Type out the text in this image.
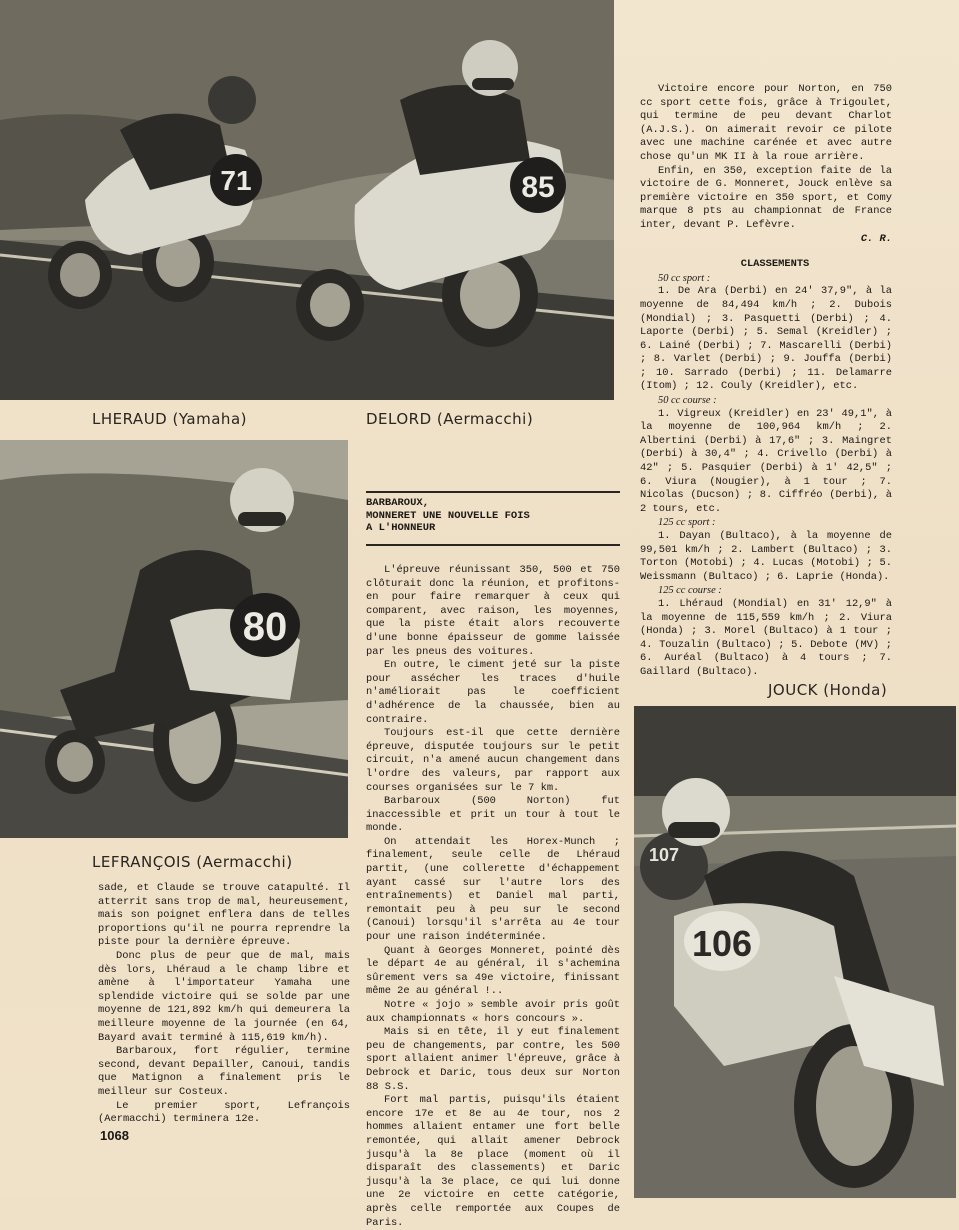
71	85
LHERAUD (Yamaha)	DELORD (Aermacchi)
80
LEFRANÇOIS (Aermacchi)
JOUCK (Honda)
107
106

Victoire encore pour Norton, en 750 cc sport cette fois, grâce à Trigoulet, qui termine de peu devant Charlot (A.J.S.). On aimerait revoir ce pilote avec une machine carénée et avec autre chose qu'un MK II à la roue arrière.

Enfin, en 350, exception faite de la victoire de G. Monneret, Jouck enlève sa première victoire en 350 sport, et Comy marque 8 pts au championnat de France inter, devant P. Lefèvre.

C. R.

CLASSEMENTS

50 cc sport :

1. De Ara (Derbi) en 24' 37,9", à la moyenne de 84,494 km/h ; 2. Dubois (Mondial) ; 3. Pasquetti (Derbi) ; 4. Laporte (Derbi) ; 5. Semal (Kreidler) ; 6. Lainé (Derbi) ; 7. Mascarelli (Derbi) ; 8. Varlet (Derbi) ; 9. Jouffa (Derbi) ; 10. Sarrado (Derbi) ; 11. Delamarre (Itom) ; 12. Couly (Kreidler), etc.

50 cc course :

1. Vigreux (Kreidler) en 23' 49,1", à la moyenne de 100,964 km/h ; 2. Albertini (Derbi) à 17,6" ; 3. Maingret (Derbi) à 30,4" ; 4. Crivello (Derbi) à 42" ; 5. Pasquier (Derbi) à 1' 42,5" ; 6. Viura (Nougier), à 1 tour ; 7. Nicolas (Ducson) ; 8. Ciffréo (Derbi), à 2 tours, etc.

125 cc sport :

1. Dayan (Bultaco), à la moyenne de 99,501 km/h ; 2. Lambert (Bultaco) ; 3. Torton (Motobi) ; 4. Lucas (Motobi) ; 5. Weissmann (Bultaco) ; 6. Laprie (Honda).

125 cc course :

1. Lhéraud (Mondial) en 31' 12,9" à la moyenne de 115,559 km/h ; 2. Viura (Honda) ; 3. Morel (Bultaco) à 1 tour ; 4. Touzalin (Bultaco) ; 5. Debote (MV) ; 6. Auréal (Bultaco) à 4 tours ; 7. Gaillard (Bultaco).

BARBAROUX,
MONNERET UNE NOUVELLE FOIS
A L'HONNEUR

L'épreuve réunissant 350, 500 et 750 clôturait donc la réunion, et profitons-en pour faire remarquer à ceux qui comparent, avec raison, les moyennes, que la piste était alors recouverte d'une bonne épaisseur de gomme laissée par les pneus des voitures.

En outre, le ciment jeté sur la piste pour assécher les traces d'huile n'améliorait pas le coefficient d'adhérence de la chaussée, bien au contraire.

Toujours est-il que cette dernière épreuve, disputée toujours sur le petit circuit, n'a amené aucun changement dans l'ordre des valeurs, par rapport aux courses organisées sur le 7 km.

Barbaroux (500 Norton) fut inaccessible et prit un tour à tout le monde.

On attendait les Horex-Munch ; finalement, seule celle de Lhéraud partit, (une collerette d'échappement ayant cassé sur l'autre lors des entraînements) et Daniel mal parti, remontait peu à peu sur le second (Canoui) lorsqu'il s'arrêta au 4e tour pour une raison indéterminée.

Quant à Georges Monneret, pointé dès le départ 4e au général, il s'achemina sûrement vers sa 49e victoire, finissant même 2e au général !..

Notre « jojo » semble avoir pris goût aux championnats « hors concours ».

Mais si en tête, il y eut finalement peu de changements, par contre, les 500 sport allaient animer l'épreuve, grâce à Debrock et Daric, tous deux sur Norton 88 S.S.

Fort mal partis, puisqu'ils étaient encore 17e et 8e au 4e tour, nos 2 hommes allaient entamer une fort belle remontée, qui allait amener Debrock jusqu'à la 8e place (moment où il disparaît des classements) et Daric jusqu'à la 3e place, ce qui lui donne une 2e victoire en cette catégorie, après celle remportée aux Coupes de Paris.

sade, et Claude se trouve catapulté. Il atterrit sans trop de mal, heureusement, mais son poignet enflera dans de telles proportions qu'il ne pourra reprendre la piste pour la dernière épreuve.

Donc plus de peur que de mal, mais dès lors, Lhéraud a le champ libre et amène à l'importateur Yamaha une splendide victoire qui se solde par une moyenne de 121,892 km/h qui demeurera la meilleure moyenne de la journée (en 64, Bayard avait terminé à 115,619 km/h).

Barbaroux, fort régulier, termine second, devant Depailler, Canoui, tandis que Matignon a finalement pris le meilleur sur Costeux.

Le premier sport, Lefrançois (Aermacchi) terminera 12e.

1068
